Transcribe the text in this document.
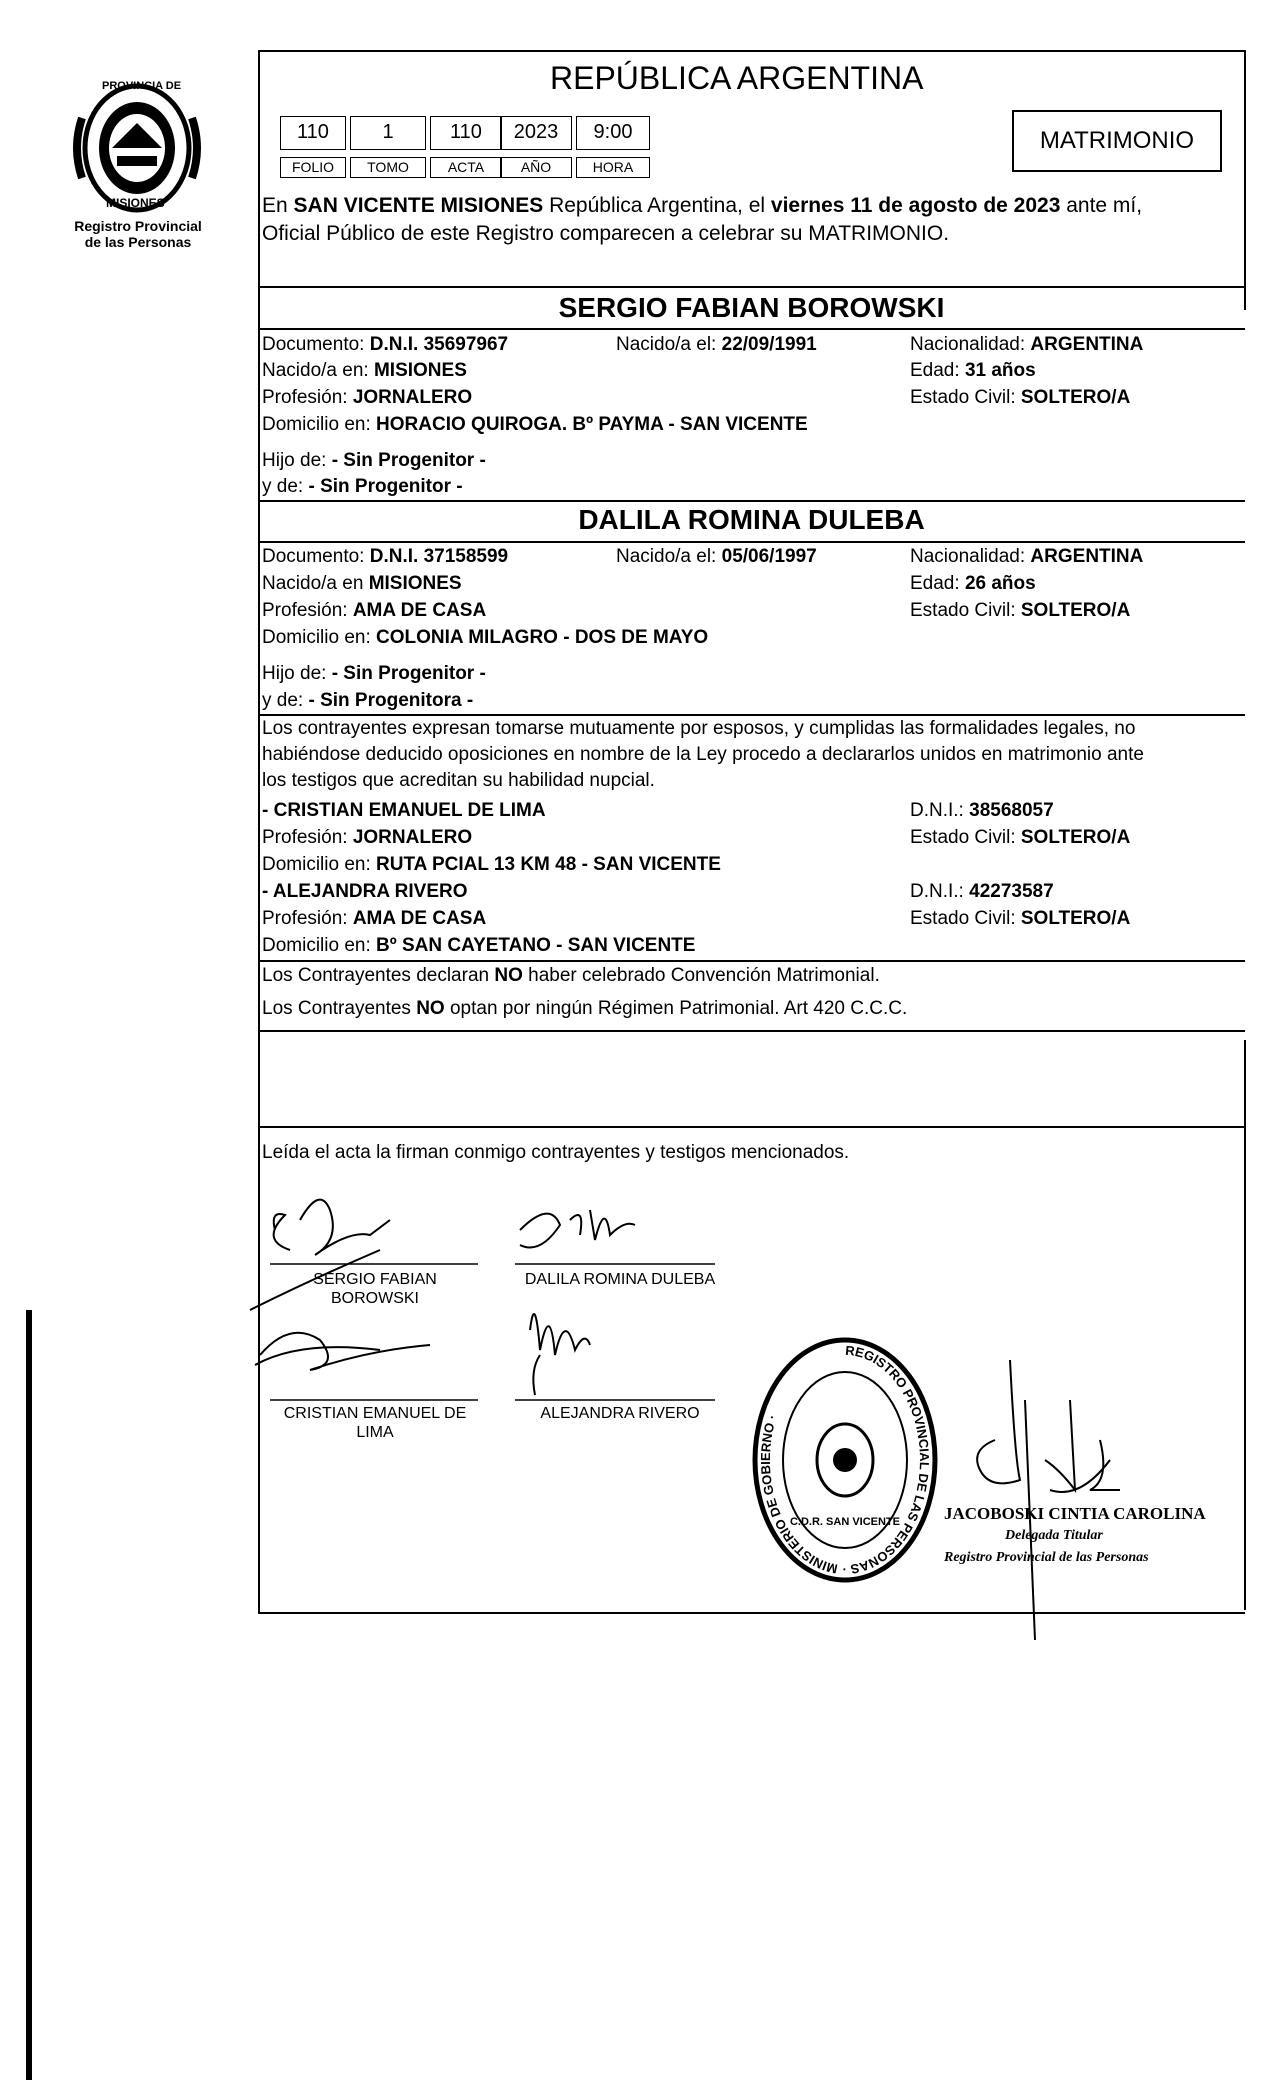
PROVINCIA DE
MISIONES
Registro Provincial
de las Personas
REPÚBLICA ARGENTINA
110	1	110	2023	9:00
FOLIO	TOMO	ACTA	AÑO	HORA
MATRIMONIO
En SAN VICENTE MISIONES República Argentina, el viernes 11 de agosto de 2023 ante mí,
Oficial Público de este Registro comparecen a celebrar su MATRIMONIO.
SERGIO FABIAN BOROWSKI
Documento: D.N.I. 35697967	Nacido/a el: 22/09/1991	Nacionalidad: ARGENTINA
Nacido/a en: MISIONES	Edad: 31 años
Profesión: JORNALERO	Estado Civil: SOLTERO/A
Domicilio en: HORACIO QUIROGA. Bº PAYMA - SAN VICENTE
Hijo de: - Sin Progenitor -
y de: - Sin Progenitor -
DALILA ROMINA DULEBA
Documento: D.N.I. 37158599	Nacido/a el: 05/06/1997	Nacionalidad: ARGENTINA
Nacido/a en MISIONES	Edad: 26 años
Profesión: AMA DE CASA	Estado Civil: SOLTERO/A
Domicilio en: COLONIA MILAGRO - DOS DE MAYO
Hijo de: - Sin Progenitor -
y de: - Sin Progenitora -
Los contrayentes expresan tomarse mutuamente por esposos, y cumplidas las formalidades legales, no
habiéndose deducido oposiciones en nombre de la Ley procedo a declararlos unidos en matrimonio ante
los testigos que acreditan su habilidad nupcial.
- CRISTIAN EMANUEL DE LIMA	D.N.I.: 38568057
Profesión: JORNALERO	Estado Civil: SOLTERO/A
Domicilio en: RUTA PCIAL 13 KM 48 - SAN VICENTE
- ALEJANDRA RIVERO	D.N.I.: 42273587
Profesión: AMA DE CASA	Estado Civil: SOLTERO/A
Domicilio en: Bº SAN CAYETANO - SAN VICENTE
Los Contrayentes declaran NO haber celebrado Convención Matrimonial.
Los Contrayentes NO optan por ningún Régimen Patrimonial. Art 420 C.C.C.
Leída el acta la firman conmigo contrayentes y testigos mencionados.
SERGIO FABIAN
BOROWSKI
DALILA ROMINA DULEBA
CRISTIAN EMANUEL DE
LIMA
ALEJANDRA RIVERO
REGISTRO PROVINCIAL DE LAS PERSONAS · MINISTERIO DE GOBIERNO ·
C.D.R. SAN VICENTE	JACOBOSKI CINTIA CAROLINA
Delegada Titular
Registro Provincial de las Personas
